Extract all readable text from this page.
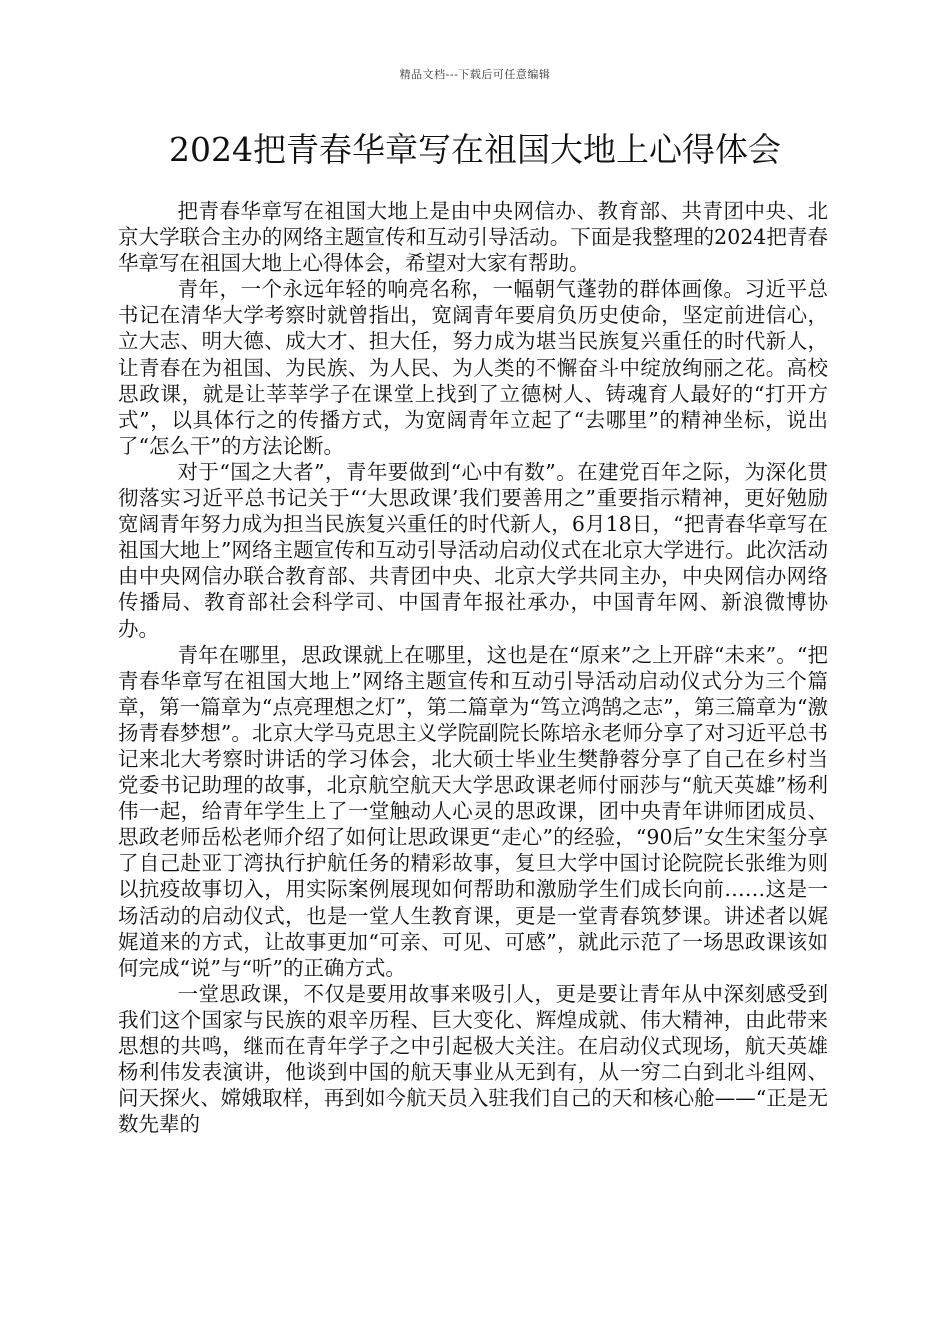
精品文档---下载后可任意编辑
2024把青春华章写在祖国大地上心得体会

把青春华章写在祖国大地上是由中央网信办、教育部、共青团中央、北京大学联合主办的网络主题宣传和互动引导活动。下面是我整理的2024把青春华章写在祖国大地上心得体会，希望对大家有帮助。

青年，一个永远年轻的响亮名称，一幅朝气蓬勃的群体画像。习近平总书记在清华大学考察时就曾指出，宽阔青年要肩负历史使命，坚定前进信心，立大志、明大德、成大才、担大任，努力成为堪当民族复兴重任的时代新人，让青春在为祖国、为民族、为人民、为人类的不懈奋斗中绽放绚丽之花。高校思政课，就是让莘莘学子在课堂上找到了立德树人、铸魂育人最好的“打开方式”，以具体行之的传播方式，为宽阔青年立起了“去哪里”的精神坐标，说出了“怎么干”的方法论断。

对于“国之大者”，青年要做到“心中有数”。在建党百年之际，为深化贯彻落实习近平总书记关于“‘大思政课’我们要善用之”重要指示精神，更好勉励宽阔青年努力成为担当民族复兴重任的时代新人，6月18日，“把青春华章写在祖国大地上”网络主题宣传和互动引导活动启动仪式在北京大学进行。此次活动由中央网信办联合教育部、共青团中央、北京大学共同主办，中央网信办网络传播局、教育部社会科学司、中国青年报社承办，中国青年网、新浪微博协办。

青年在哪里，思政课就上在哪里，这也是在“原来”之上开辟“未来”。“把青春华章写在祖国大地上”网络主题宣传和互动引导活动启动仪式分为三个篇章，第一篇章为“点亮理想之灯”，第二篇章为“笃立鸿鹄之志”，第三篇章为“激扬青春梦想”。北京大学马克思主义学院副院长陈培永老师分享了对习近平总书记来北大考察时讲话的学习体会，北大硕士毕业生樊静蓉分享了自己在乡村当党委书记助理的故事，北京航空航天大学思政课老师付丽莎与“航天英雄”杨利伟一起，给青年学生上了一堂触动人心灵的思政课，团中央青年讲师团成员、思政老师岳松老师介绍了如何让思政课更“走心”的经验，“90后”女生宋玺分享了自己赴亚丁湾执行护航任务的精彩故事，复旦大学中国讨论院院长张维为则以抗疫故事切入，用实际案例展现如何帮助和激励学生们成长向前……这是一场活动的启动仪式，也是一堂人生教育课，更是一堂青春筑梦课。讲述者以娓娓道来的方式，让故事更加“可亲、可见、可感”，就此示范了一场思政课该如何完成“说”与“听”的正确方式。

一堂思政课，不仅是要用故事来吸引人，更是要让青年从中深刻感受到我们这个国家与民族的艰辛历程、巨大变化、辉煌成就、伟大精神，由此带来思想的共鸣，继而在青年学子之中引起极大关注。在启动仪式现场，航天英雄杨利伟发表演讲，他谈到中国的航天事业从无到有，从一穷二白到北斗组网、问天探火、嫦娥取样，再到如今航天员入驻我们自己的天和核心舱——“正是无数先辈的
